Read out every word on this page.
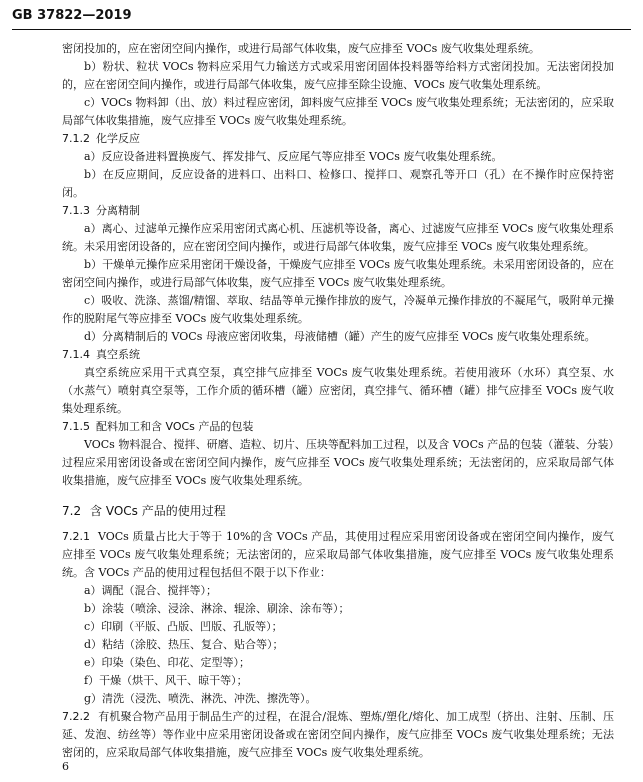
GB 37822—2019

密闭投加的，应在密闭空间内操作，或进行局部气体收集，废气应排至 VOCs 废气收集处理系统。

b）粉状、粒状 VOCs 物料应采用气力输送方式或采用密闭固体投料器等给料方式密闭投加。无法密闭投加的，应在密闭空间内操作，或进行局部气体收集，废气应排至除尘设施、VOCs 废气收集处理系统。

c）VOCs 物料卸（出、放）料过程应密闭，卸料废气应排至 VOCs 废气收集处理系统；无法密闭的，应采取局部气体收集措施，废气应排至 VOCs 废气收集处理系统。

7.1.2 化学反应

a）反应设备进料置换废气、挥发排气、反应尾气等应排至 VOCs 废气收集处理系统。

b）在反应期间，反应设备的进料口、出料口、检修口、搅拌口、观察孔等开口（孔）在不操作时应保持密闭。

7.1.3 分离精制

a）离心、过滤单元操作应采用密闭式离心机、压滤机等设备，离心、过滤废气应排至 VOCs 废气收集处理系统。未采用密闭设备的，应在密闭空间内操作，或进行局部气体收集，废气应排至 VOCs 废气收集处理系统。

b）干燥单元操作应采用密闭干燥设备，干燥废气应排至 VOCs 废气收集处理系统。未采用密闭设备的，应在密闭空间内操作，或进行局部气体收集，废气应排至 VOCs 废气收集处理系统。

c）吸收、洗涤、蒸馏/精馏、萃取、结晶等单元操作排放的废气，冷凝单元操作排放的不凝尾气，吸附单元操作的脱附尾气等应排至 VOCs 废气收集处理系统。

d）分离精制后的 VOCs 母液应密闭收集，母液储槽（罐）产生的废气应排至 VOCs 废气收集处理系统。

7.1.4 真空系统

真空系统应采用干式真空泵，真空排气应排至 VOCs 废气收集处理系统。若使用液环（水环）真空泵、水（水蒸气）喷射真空泵等，工作介质的循环槽（罐）应密闭，真空排气、循环槽（罐）排气应排至 VOCs 废气收集处理系统。

7.1.5 配料加工和含 VOCs 产品的包装

VOCs 物料混合、搅拌、研磨、造粒、切片、压块等配料加工过程，以及含 VOCs 产品的包装（灌装、分装）过程应采用密闭设备或在密闭空间内操作，废气应排至 VOCs 废气收集处理系统；无法密闭的，应采取局部气体收集措施，废气应排至 VOCs 废气收集处理系统。

7.2 含 VOCs 产品的使用过程

7.2.1 VOCs 质量占比大于等于 10%的含 VOCs 产品，其使用过程应采用密闭设备或在密闭空间内操作，废气应排至 VOCs 废气收集处理系统；无法密闭的，应采取局部气体收集措施，废气应排至 VOCs 废气收集处理系统。含 VOCs 产品的使用过程包括但不限于以下作业：

a）调配（混合、搅拌等）；

b）涂装（喷涂、浸涂、淋涂、辊涂、刷涂、涂布等）；

c）印刷（平版、凸版、凹版、孔版等）；

d）粘结（涂胶、热压、复合、贴合等）；

e）印染（染色、印花、定型等）；

f）干燥（烘干、风干、晾干等）；

g）清洗（浸洗、喷洗、淋洗、冲洗、擦洗等）。

7.2.2 有机聚合物产品用于制品生产的过程，在混合/混炼、塑炼/塑化/熔化、加工成型（挤出、注射、压制、压延、发泡、纺丝等）等作业中应采用密闭设备或在密闭空间内操作，废气应排至 VOCs 废气收集处理系统；无法密闭的，应采取局部气体收集措施，废气应排至 VOCs 废气收集处理系统。

6
